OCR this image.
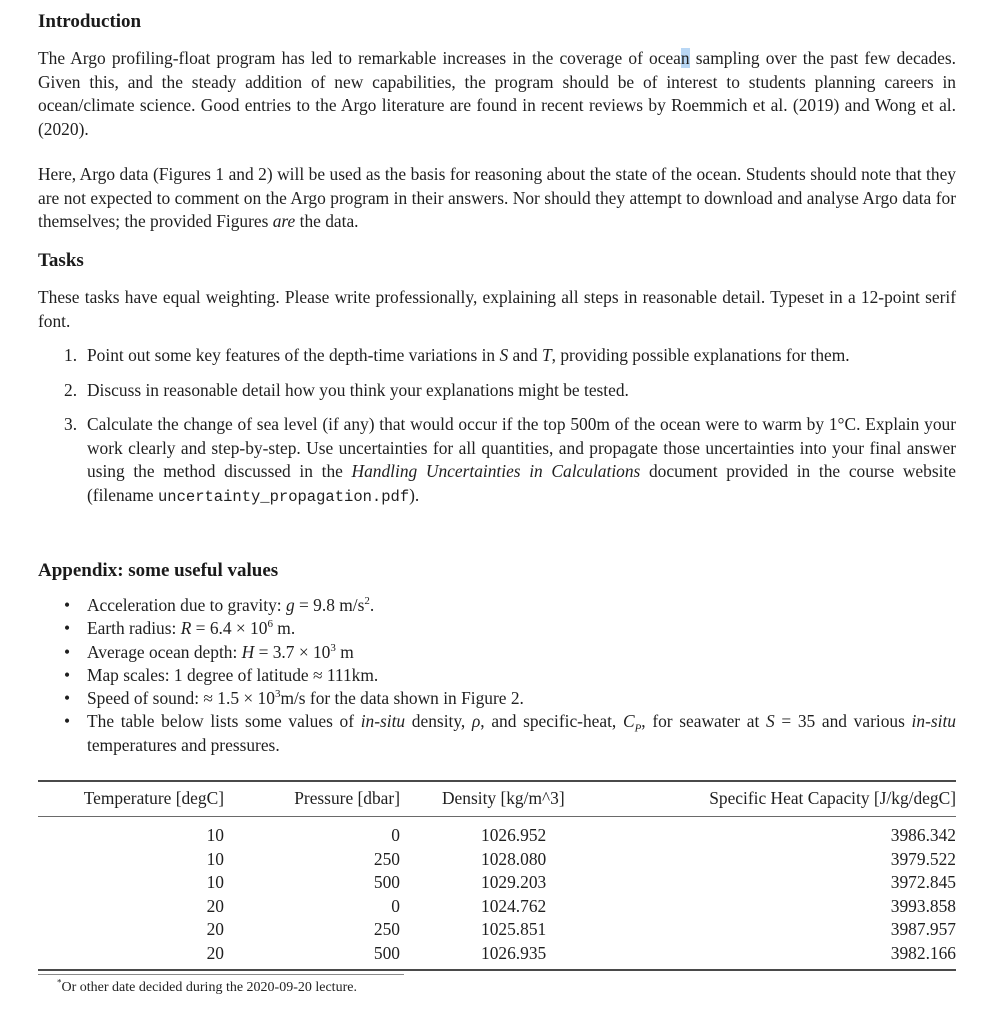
Introduction

The Argo profiling-float program has led to remarkable increases in the coverage of ocean sampling over the past few decades. Given this, and the steady addition of new capabilities, the program should be of interest to students planning careers in ocean/climate science. Good entries to the Argo literature are found in recent reviews by Roemmich et al. (2019) and Wong et al. (2020).

Here, Argo data (Figures 1 and 2) will be used as the basis for reasoning about the state of the ocean. Students should note that they are not expected to comment on the Argo program in their answers. Nor should they attempt to download and analyse Argo data for themselves; the provided Figures are the data.

Tasks

These tasks have equal weighting. Please write professionally, explaining all steps in reasonable detail. Typeset in a 12-point serif font.

1. Point out some key features of the depth-time variations in S and T, providing possible explanations for them.
2. Discuss in reasonable detail how you think your explanations might be tested.
3. Calculate the change of sea level (if any) that would occur if the top 500m of the ocean were to warm by 1°C. Explain your work clearly and step-by-step. Use uncertainties for all quantities, and propagate those uncertainties into your final answer using the method discussed in the Handling Uncertainties in Calculations document provided in the course website (filename uncertainty_propagation.pdf).
Appendix: some useful values
• Acceleration due to gravity: g = 9.8 $m/s^2$.
• Earth radius: $R = 6.4 \times 10^6$ m.
• Average ocean depth: $H = 3.7 \times 10^3$ m
• Map scales: 1 degree of latitude ≈ 111km.
• Speed of sound: ≈ $1.5 \times 10^3m/s$ for the data shown in Figure 2.
• The table below lists some values of in-situ density, ρ, and specific-heat, $C_P$, for seawater at S = 35 and various in-situ temperatures and pressures.
Temperature [degC]	Pressure [dbar]	Density [kg/m^3]	Specific Heat Capacity [J/kg/degC]

10	0	1026.952	3986.342
10	250	1028.080	3979.522
10	500	1029.203	3972.845
20	0	1024.762	3993.858
20	250	1025.851	3987.957
20	500	1026.935	3982.166
*Or other date decided during the 2020-09-20 lecture.
